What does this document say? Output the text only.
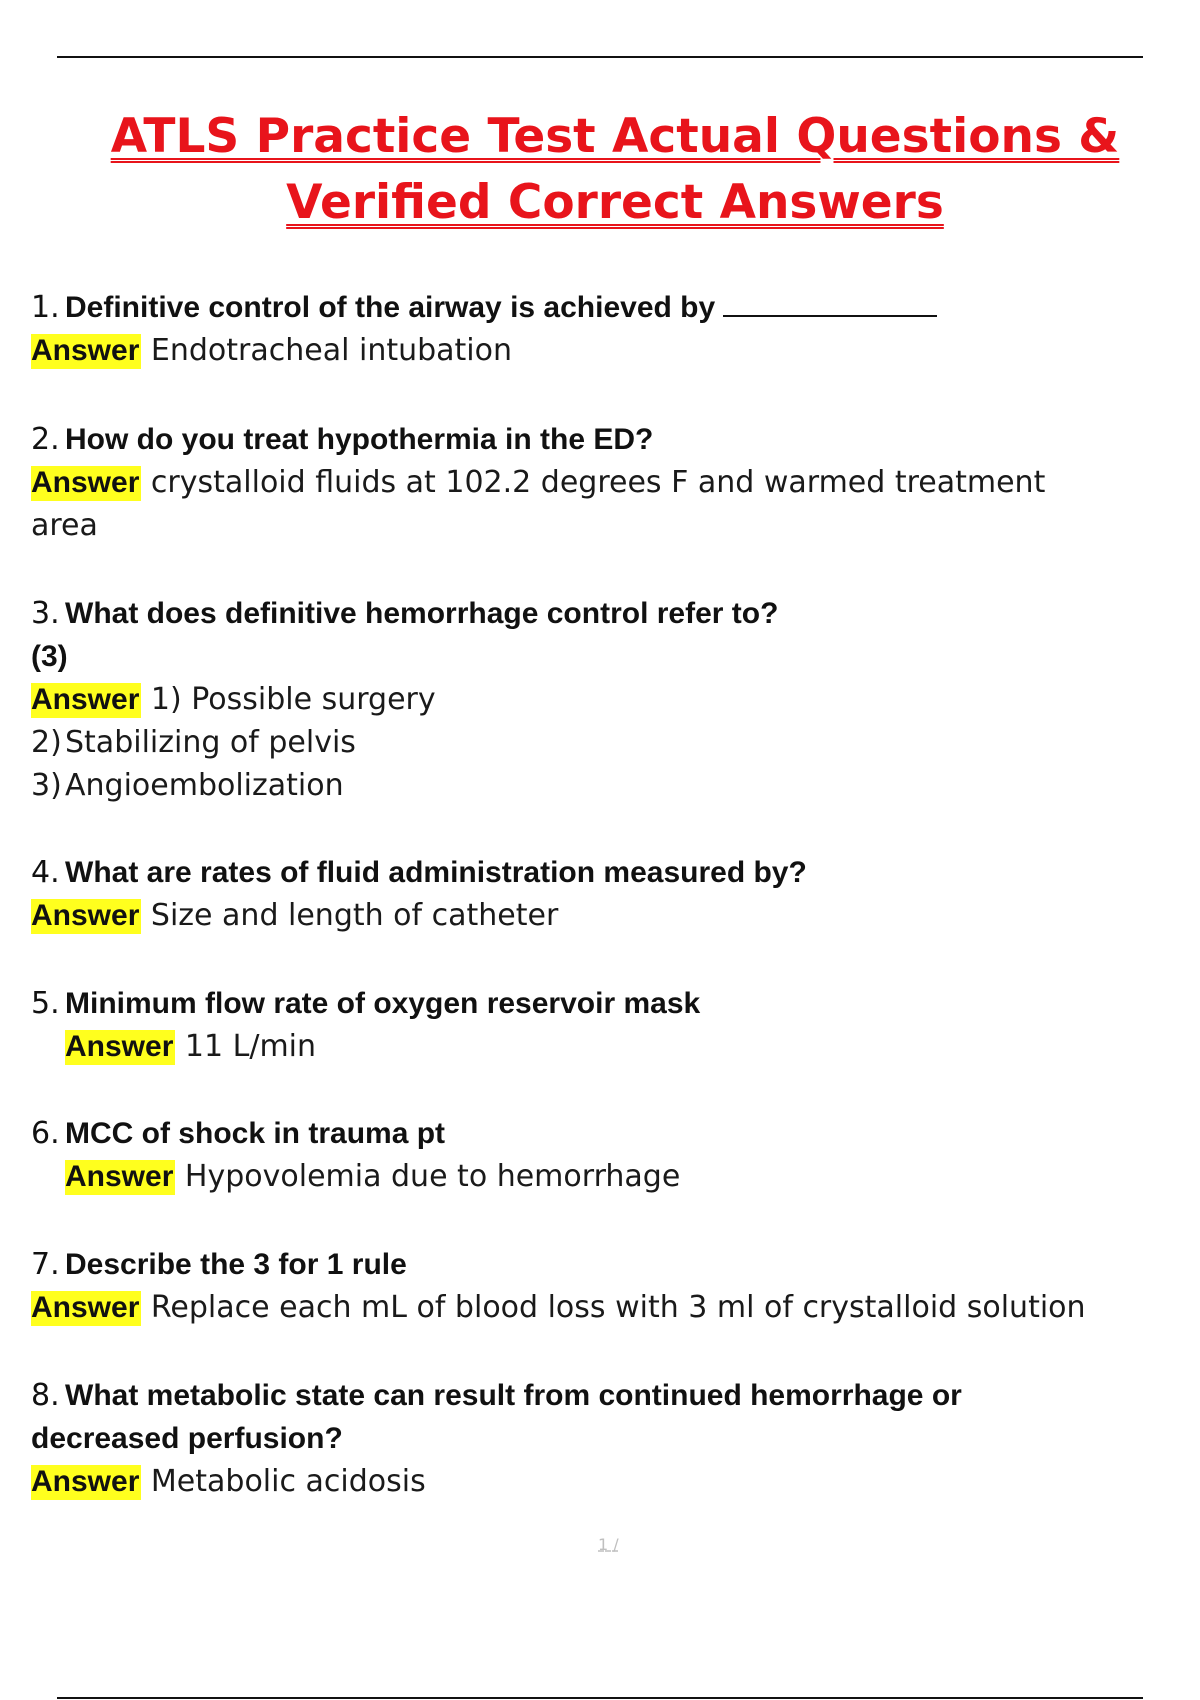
ATLS Practice Test Actual Questions &
Verified Correct Answers
1. Definitive control of the airway is achieved by
Answer Endotracheal intubation
2. How do you treat hypothermia in the ED?
Answer crystalloid fluids at 102.2 degrees F and warmed treatment
area
3. What does definitive hemorrhage control refer to?
(3)
Answer 1) Possible surgery
2) Stabilizing of pelvis
3) Angioembolization
4. What are rates of fluid administration measured by?
Answer Size and length of catheter
5. Minimum flow rate of oxygen reservoir mask
Answer 11 L/min
6. MCC of shock in trauma pt
Answer Hypovolemia due to hemorrhage
7. Describe the 3 for 1 rule
Answer Replace each mL of blood loss with 3 ml of crystalloid solution
8. What metabolic state can result from continued hemorrhage or
decreased perfusion?
Answer Metabolic acidosis
1 /
